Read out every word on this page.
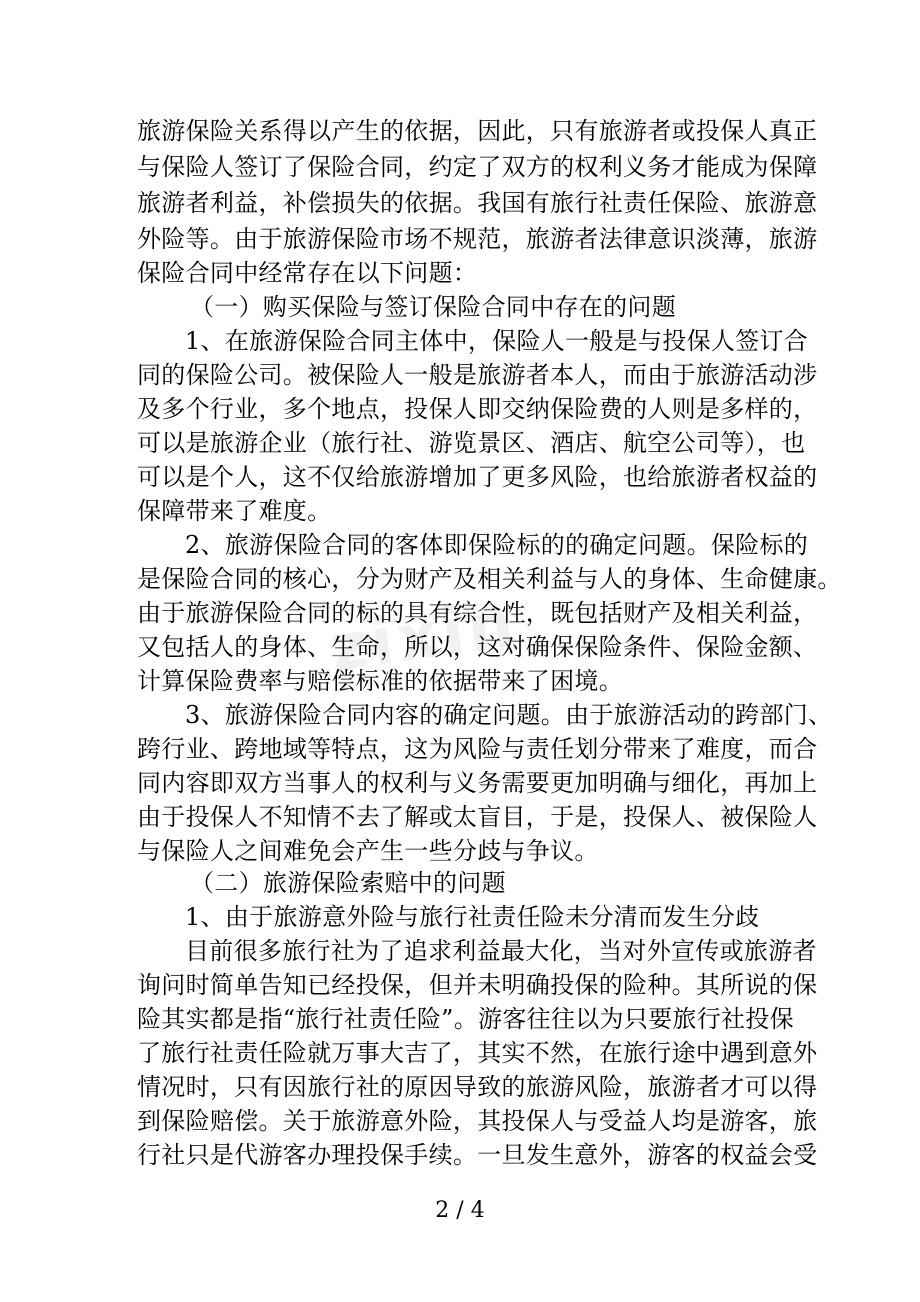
zixin
旅游保险关系得以产生的依据，因此，只有旅游者或投保人真正
与保险人签订了保险合同，约定了双方的权利义务才能成为保障
旅游者利益，补偿损失的依据。我国有旅行社责任保险、旅游意
外险等。由于旅游保险市场不规范，旅游者法律意识淡薄，旅游
保险合同中经常存在以下问题：
（一）购买保险与签订保险合同中存在的问题
1、在旅游保险合同主体中，保险人一般是与投保人签订合
同的保险公司。被保险人一般是旅游者本人，而由于旅游活动涉
及多个行业，多个地点，投保人即交纳保险费的人则是多样的，
可以是旅游企业（旅行社、游览景区、酒店、航空公司等），也
可以是个人，这不仅给旅游增加了更多风险，也给旅游者权益的
保障带来了难度。
2、旅游保险合同的客体即保险标的的确定问题。保险标的
是保险合同的核心，分为财产及相关利益与人的身体、生命健康。
由于旅游保险合同的标的具有综合性，既包括财产及相关利益，
又包括人的身体、生命，所以，这对确保保险条件、保险金额、
计算保险费率与赔偿标准的依据带来了困境。
3、旅游保险合同内容的确定问题。由于旅游活动的跨部门、
跨行业、跨地域等特点，这为风险与责任划分带来了难度，而合
同内容即双方当事人的权利与义务需要更加明确与细化，再加上
由于投保人不知情不去了解或太盲目，于是，投保人、被保险人
与保险人之间难免会产生一些分歧与争议。
（二）旅游保险索赔中的问题
1、由于旅游意外险与旅行社责任险未分清而发生分歧
目前很多旅行社为了追求利益最大化，当对外宣传或旅游者
询问时简单告知已经投保，但并未明确投保的险种。其所说的保
险其实都是指“旅行社责任险”。游客往往以为只要旅行社投保
了旅行社责任险就万事大吉了，其实不然，在旅行途中遇到意外
情况时，只有因旅行社的原因导致的旅游风险，旅游者才可以得
到保险赔偿。关于旅游意外险，其投保人与受益人均是游客，旅
行社只是代游客办理投保手续。一旦发生意外，游客的权益会受
2 / 4
